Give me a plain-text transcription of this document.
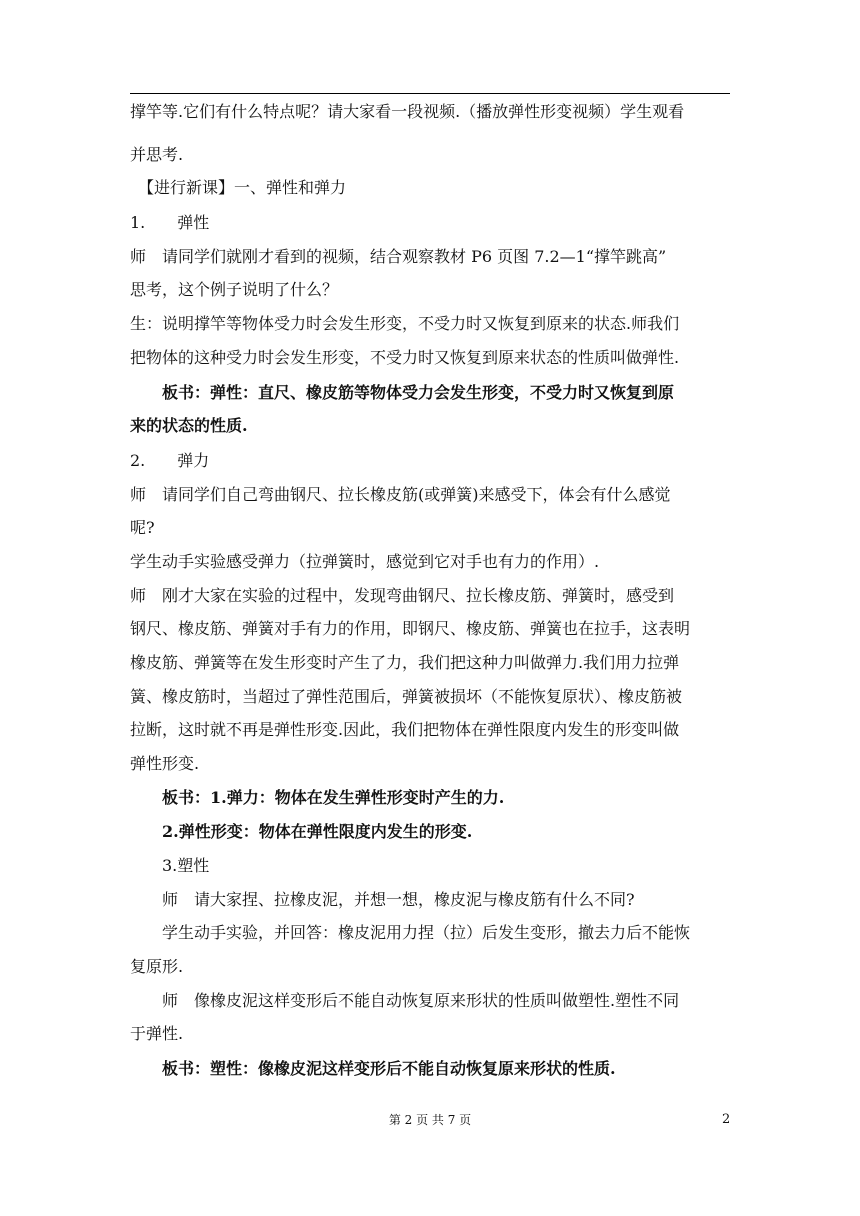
撑竿等.它们有什么特点呢？请大家看一段视频.（播放弹性形变视频）学生观看
并思考.
　【进行新课】一、弹性和弹力
1.　　弹性
师　请同学们就刚才看到的视频，结合观察教材 P6 页图 7.2—1“撑竿跳高”
思考，这个例子说明了什么？
生：说明撑竿等物体受力时会发生形变，不受力时又恢复到原来的状态.师我们
把物体的这种受力时会发生形变，不受力时又恢复到原来状态的性质叫做弹性.
　　板书：弹性：直尺、橡皮筋等物体受力会发生形变，不受力时又恢复到原
来的状态的性质.
2.　　弹力
师　请同学们自己弯曲钢尺、拉长橡皮筋(或弹簧)来感受下，体会有什么感觉
呢?
学生动手实验感受弹力（拉弹簧时，感觉到它对手也有力的作用）.
师　刚才大家在实验的过程中，发现弯曲钢尺、拉长橡皮筋、弹簧时，感受到
钢尺、橡皮筋、弹簧对手有力的作用，即钢尺、橡皮筋、弹簧也在拉手，这表明
橡皮筋、弹簧等在发生形变时产生了力，我们把这种力叫做弹力.我们用力拉弹
簧、橡皮筋时，当超过了弹性范围后，弹簧被损坏（不能恢复原状）、橡皮筋被
拉断，这时就不再是弹性形变.因此，我们把物体在弹性限度内发生的形变叫做
弹性形变.
　　板书：1.弹力：物体在发生弹性形变时产生的力.
　　2.弹性形变：物体在弹性限度内发生的形变.
　　3.塑性
　　师　请大家捏、拉橡皮泥，并想一想，橡皮泥与橡皮筋有什么不同?
　　学生动手实验，并回答：橡皮泥用力捏（拉）后发生变形，撤去力后不能恢
复原形.
　　师　像橡皮泥这样变形后不能自动恢复原来形状的性质叫做塑性.塑性不同
于弹性.
　　板书：塑性：像橡皮泥这样变形后不能自动恢复原来形状的性质.
第 2 页 共 7 页	2
